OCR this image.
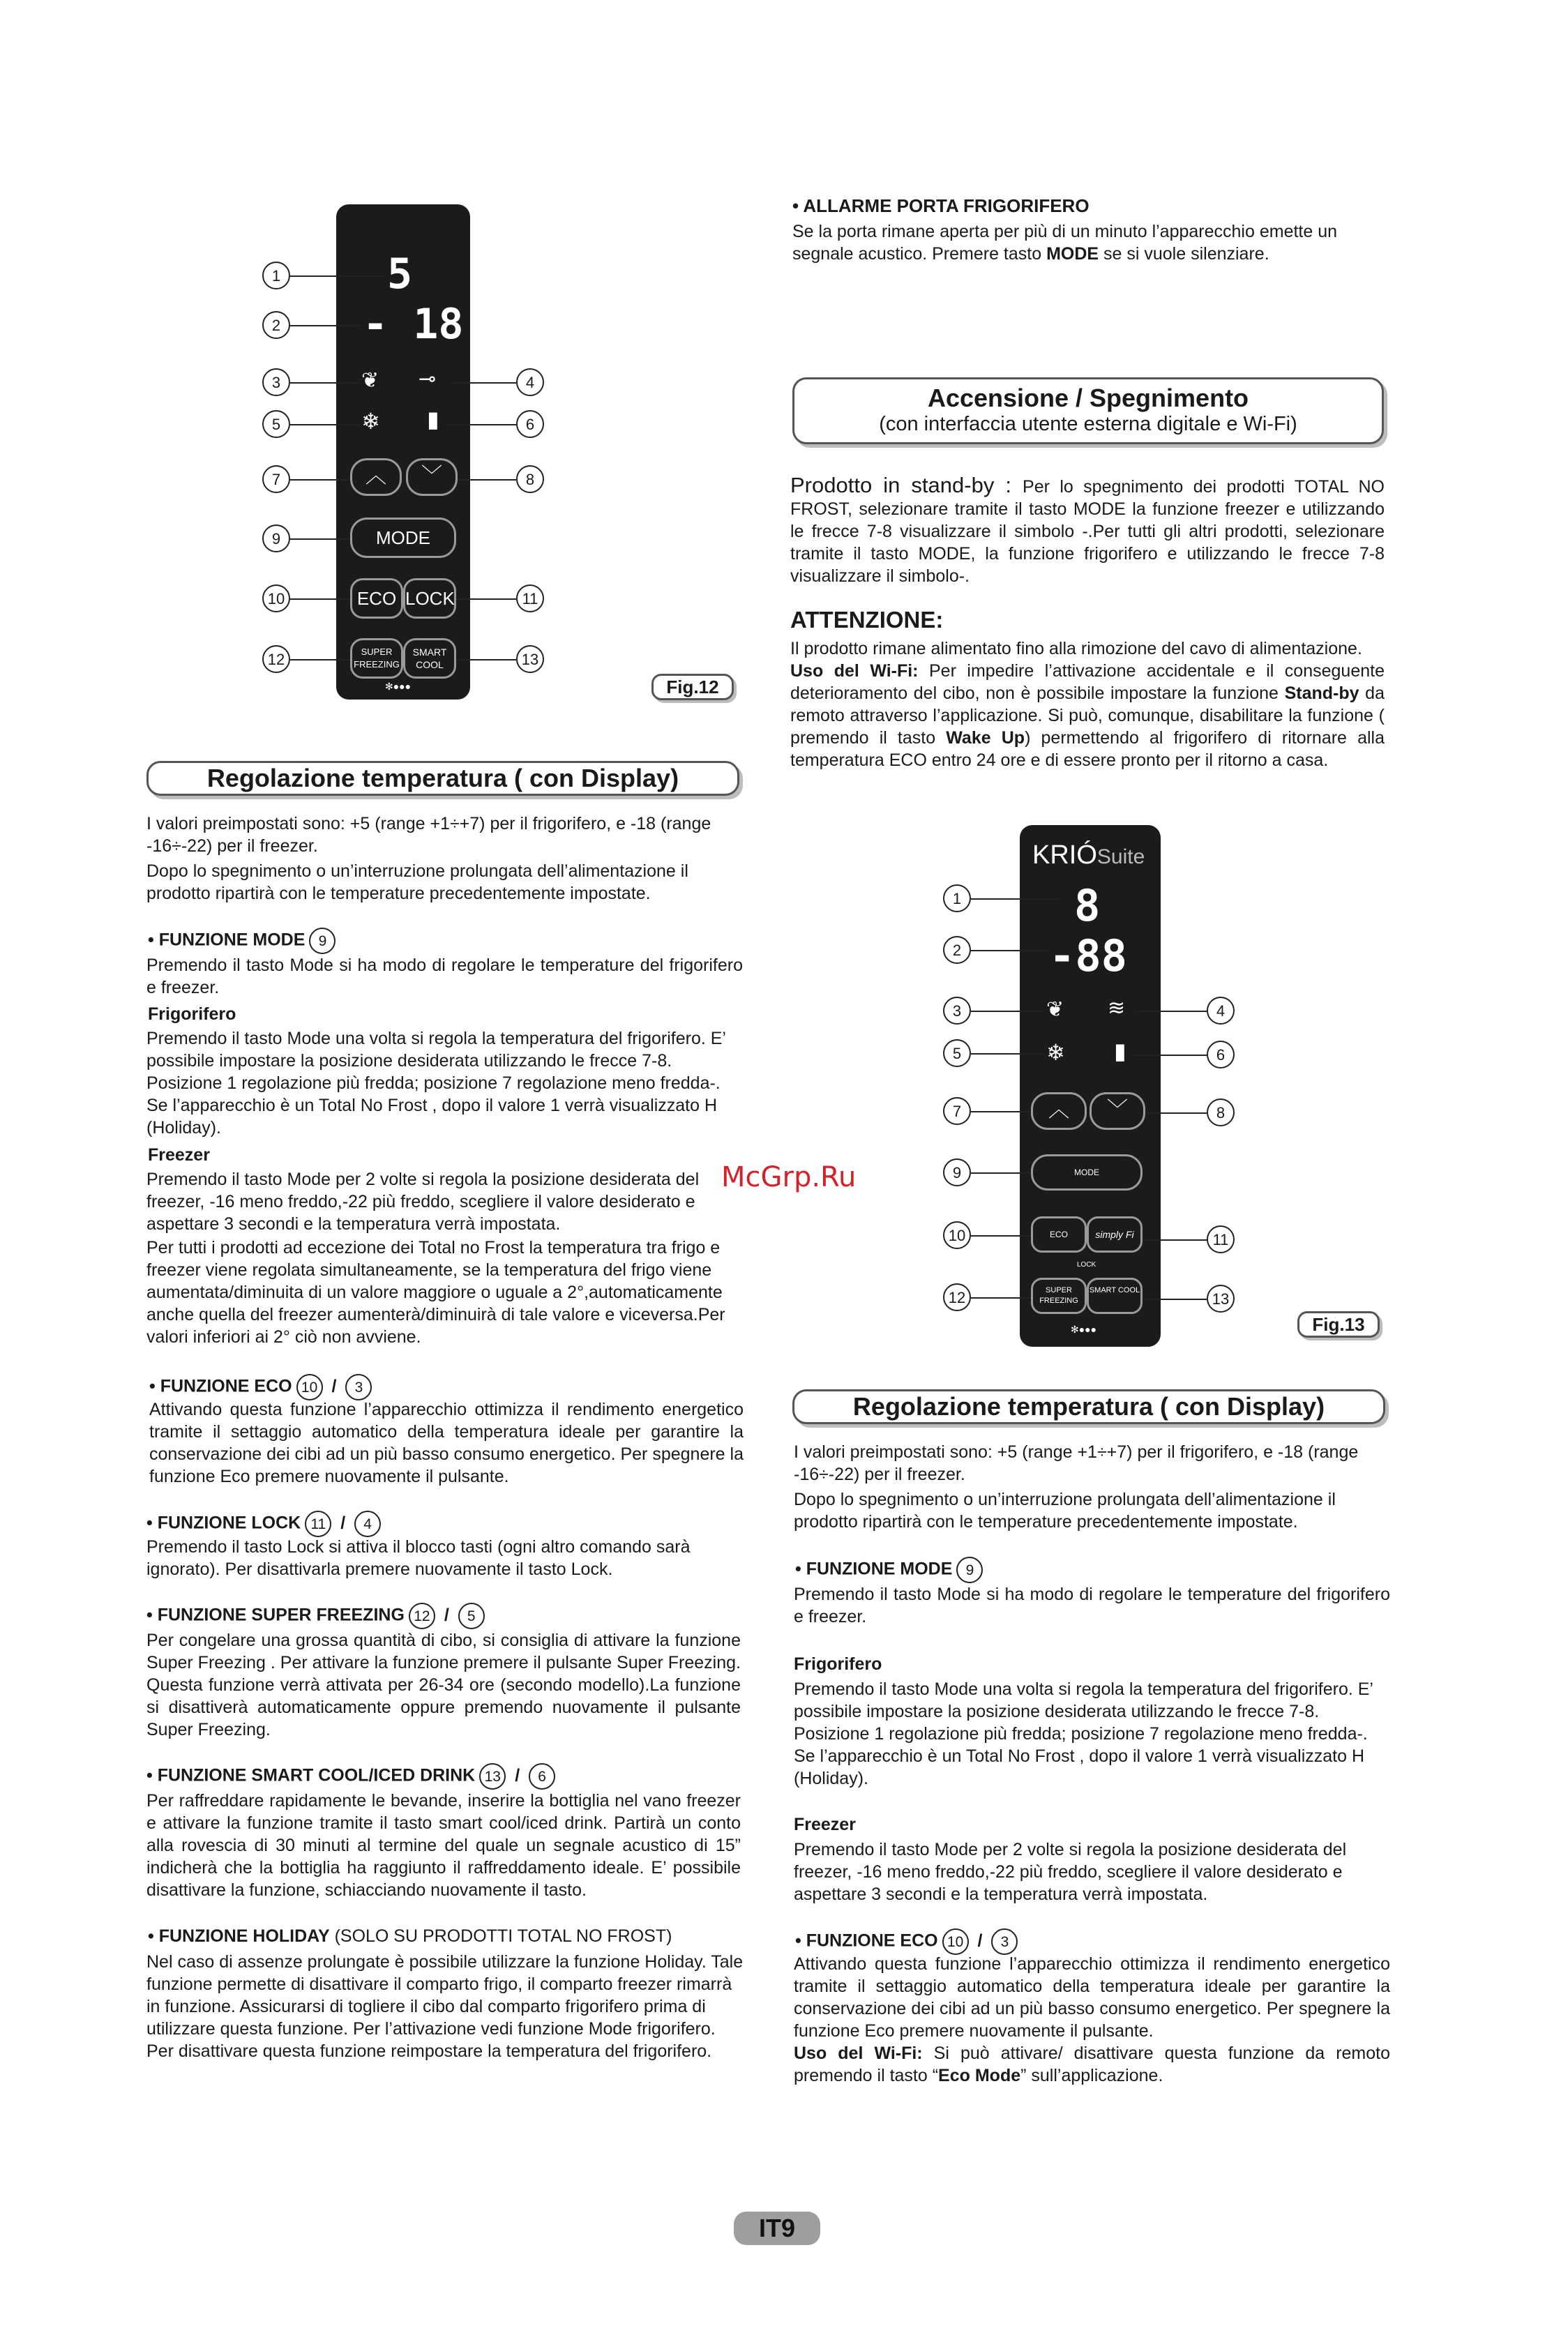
5
- 18
❦ ⊸
❄ ▮
︿	﹀
MODE
ECO LOCK
SUPER FREEZING
SMART COOL
✻●●●
1
2
3
5
7
9
10
12
4
6
8
11
13
Fig.12
• ALLARME PORTA FRIGORIFERO
Se la porta rimane aperta per più di un minuto l’apparecchio emette un
segnale acustico. Premere tasto MODE se si vuole silenziare.
Accensione / Spegnimento
(con interfaccia utente esterna digitale e Wi-Fi)
Prodotto in stand-by : Per lo spegnimento dei prodotti TOTAL NO FROST, selezionare tramite il tasto MODE la funzione freezer e utilizzando le frecce 7-8 visualizzare il simbolo -.Per tutti gli altri prodotti, selezionare tramite il tasto MODE, la funzione frigorifero e utilizzando le frecce 7-8 visualizzare il simbolo-.
ATTENZIONE:
Il prodotto rimane alimentato fino alla rimozione del cavo di alimentazione.
Uso del Wi-Fi: Per impedire l’attivazione accidentale e il conseguente deterioramento del cibo, non è possibile impostare la funzione Stand-by da remoto attraverso l’applicazione. Si può, comunque, disabilitare la funzione ( premendo il tasto Wake Up) permettendo al frigorifero di ritornare alla temperatura ECO entro 24 ore e di essere pronto per il ritorno a casa.
Regolazione temperatura ( con Display)
I valori preimpostati sono: +5 (range +1÷+7) per il frigorifero, e -18 (range -16÷-22) per il freezer.
Dopo lo spegnimento o un’interruzione prolungata dell’alimentazione il prodotto ripartirà con le temperature precedentemente impostate.
• FUNZIONE MODE 9
Premendo il tasto Mode si ha modo di regolare le temperature del frigorifero e freezer.
Frigorifero
Premendo il tasto Mode una volta si regola la temperatura del frigorifero. E’ possibile impostare la posizione desiderata utilizzando le frecce 7-8. Posizione 1 regolazione più fredda; posizione 7 regolazione meno fredda-. Se l’apparecchio è un Total No Frost , dopo il valore 1 verrà visualizzato H (Holiday).
Freezer
Premendo il tasto Mode per 2 volte si regola la posizione desiderata del freezer, -16 meno freddo,-22 più freddo, scegliere il valore desiderato e aspettare 3 secondi e la temperatura verrà impostata.
Per tutti i prodotti ad eccezione dei Total no Frost la temperatura tra frigo e freezer viene regolata simultaneamente, se la temperatura del frigo viene aumentata/diminuita di un valore maggiore o uguale a 2°,automaticamente anche quella del freezer aumenterà/diminuirà di tale valore e viceversa.Per valori inferiori ai 2° ciò non avviene.
• FUNZIONE ECO 10 / 3
Attivando questa funzione l’apparecchio ottimizza il rendimento energetico tramite il settaggio automatico della temperatura ideale per garantire la conservazione dei cibi ad un più basso consumo energetico. Per spegnere la funzione Eco premere nuovamente il pulsante.
• FUNZIONE LOCK 11 / 4
Premendo il tasto Lock si attiva il blocco tasti (ogni altro comando sarà ignorato). Per disattivarla premere nuovamente il tasto Lock.
• FUNZIONE SUPER FREEZING 12 / 5
Per congelare una grossa quantità di cibo, si consiglia di attivare la funzione Super Freezing . Per attivare la funzione premere il pulsante Super Freezing. Questa funzione verrà attivata per 26-34 ore (secondo modello).La funzione si disattiverà automaticamente oppure premendo nuovamente il pulsante Super Freezing.
• FUNZIONE SMART COOL/ICED DRINK 13 / 6
Per raffreddare rapidamente le bevande, inserire la bottiglia nel vano freezer e attivare la funzione tramite il tasto smart cool/iced drink. Partirà un conto alla rovescia di 30 minuti al termine del quale un segnale acustico di 15” indicherà che la bottiglia ha raggiunto il raffreddamento ideale. E’ possibile disattivare la funzione, schiacciando nuovamente il tasto.
• FUNZIONE HOLIDAY (SOLO SU PRODOTTI TOTAL NO FROST)
Nel caso di assenze prolungate è possibile utilizzare la funzione Holiday. Tale funzione permette di disattivare il comparto frigo, il comparto freezer rimarrà in funzione. Assicurarsi di togliere il cibo dal comparto frigorifero prima di utilizzare questa funzione. Per l’attivazione vedi funzione Mode frigorifero. Per disattivare questa funzione reimpostare la temperatura del frigorifero.
KRIÓSuite
8
-88
❦ ≋
❄ ▮
︿	﹀
MODE
ECO	simply Fi
LOCK
SUPER FREEZING
SMART COOL
✻●●●
1
2
3
5
7
9
10
12
4
6
8
11
13
Fig.13
McGrp.Ru
Regolazione temperatura ( con Display)
I valori preimpostati sono: +5 (range +1÷+7) per il frigorifero, e -18 (range -16÷-22) per il freezer.
Dopo lo spegnimento o un’interruzione prolungata dell’alimentazione il prodotto ripartirà con le temperature precedentemente impostate.
• FUNZIONE MODE 9
Premendo il tasto Mode si ha modo di regolare le temperature del frigorifero e freezer.
Frigorifero
Premendo il tasto Mode una volta si regola la temperatura del frigorifero. E’ possibile impostare la posizione desiderata utilizzando le frecce 7-8. Posizione 1 regolazione più fredda; posizione 7 regolazione meno fredda-. Se l’apparecchio è un Total No Frost , dopo il valore 1 verrà visualizzato H (Holiday).
Freezer
Premendo il tasto Mode per 2 volte si regola la posizione desiderata del freezer, -16 meno freddo,-22 più freddo, scegliere il valore desiderato e aspettare 3 secondi e la temperatura verrà impostata.
• FUNZIONE ECO 10 / 3
Attivando questa funzione l’apparecchio ottimizza il rendimento energetico tramite il settaggio automatico della temperatura ideale per garantire la conservazione dei cibi ad un più basso consumo energetico. Per spegnere la funzione Eco premere nuovamente il pulsante.
Uso del Wi-Fi: Si può attivare/ disattivare questa funzione da remoto premendo il tasto “Eco Mode” sull’applicazione.
IT9
